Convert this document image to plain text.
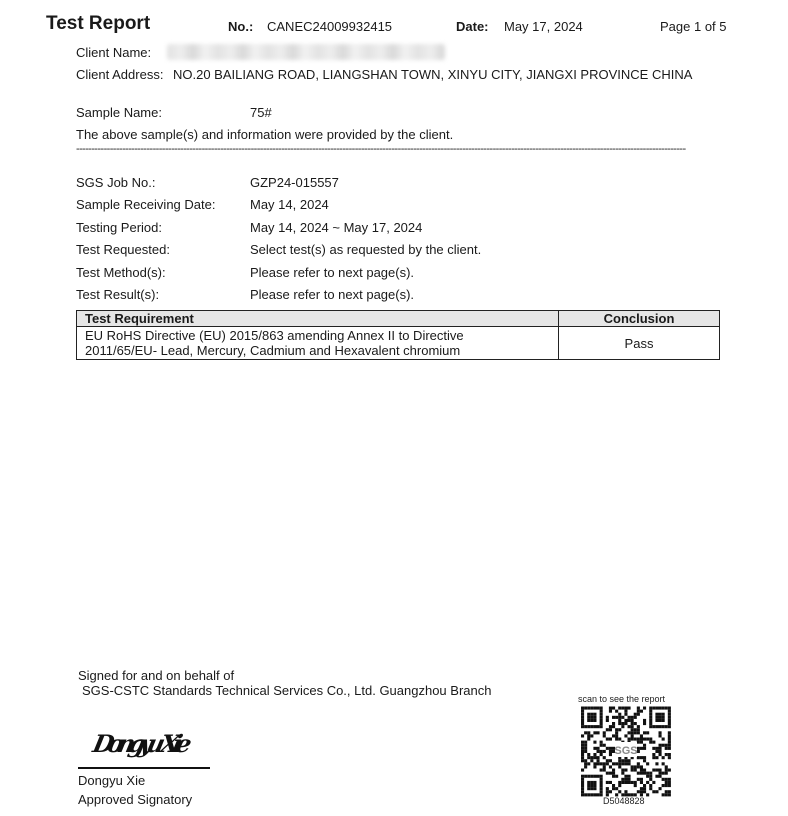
Test Report	No.: CANEC24009932415	Date: May 17, 2024	Page 1 of 5
Client Name:
Client Address: NO.20 BAILIANG ROAD, LIANGSHAN TOWN, XINYU CITY, JIANGXI PROVINCE CHINA
Sample Name:	75#
The above sample(s) and information were provided by the client.
-------------------------------------------------------------------------------------------------------------------------------------------------------------------------------------------------------
SGS Job No.:	GZP24-015557
Sample Receiving Date:	May 14, 2024
Testing Period:	May 14, 2024 ~ May 17, 2024
Test Requested:	Select test(s) as requested by the client.
Test Method(s):	Please refer to next page(s).
Test Result(s):	Please refer to next page(s).
Test Requirement	Conclusion

EU RoHS Directive (EU) 2015/863 amending Annex II to Directive
2011/65/EU- Lead, Mercury, Cadmium and Hexavalent chromium	Pass
Signed for and on behalf of
SGS-CSTC Standards Technical Services Co., Ltd. Guangzhou Branch
Dongyu Xie
Dongyu Xie
Approved Signatory
scan to see the report
SGS
D5048828
